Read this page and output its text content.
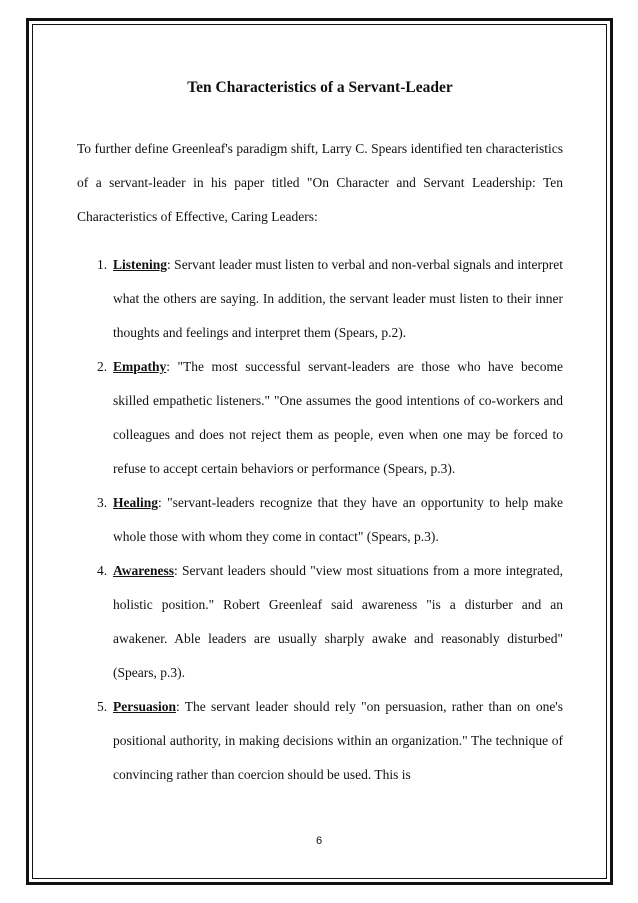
Ten Characteristics of a Servant-Leader

To further define Greenleaf's paradigm shift, Larry C. Spears identified ten characteristics of a servant-leader in his paper titled "On Character and Servant Leadership: Ten Characteristics of Effective, Caring Leaders:

1. Listening: Servant leader must listen to verbal and non-verbal signals and interpret what the others are saying. In addition, the servant leader must listen to their inner thoughts and feelings and interpret them (Spears, p.2).
2. Empathy: "The most successful servant-leaders are those who have become skilled empathetic listeners." "One assumes the good intentions of co-workers and colleagues and does not reject them as people, even when one may be forced to refuse to accept certain behaviors or performance (Spears, p.3).
3. Healing: "servant-leaders recognize that they have an opportunity to help make whole those with whom they come in contact" (Spears, p.3).
4. Awareness: Servant leaders should "view most situations from a more integrated, holistic position." Robert Greenleaf said awareness "is a disturber and an awakener. Able leaders are usually sharply awake and reasonably disturbed" (Spears, p.3).
5. Persuasion: The servant leader should rely "on persuasion, rather than on one's positional authority, in making decisions within an organization." The technique of convincing rather than coercion should be used. This is
6
